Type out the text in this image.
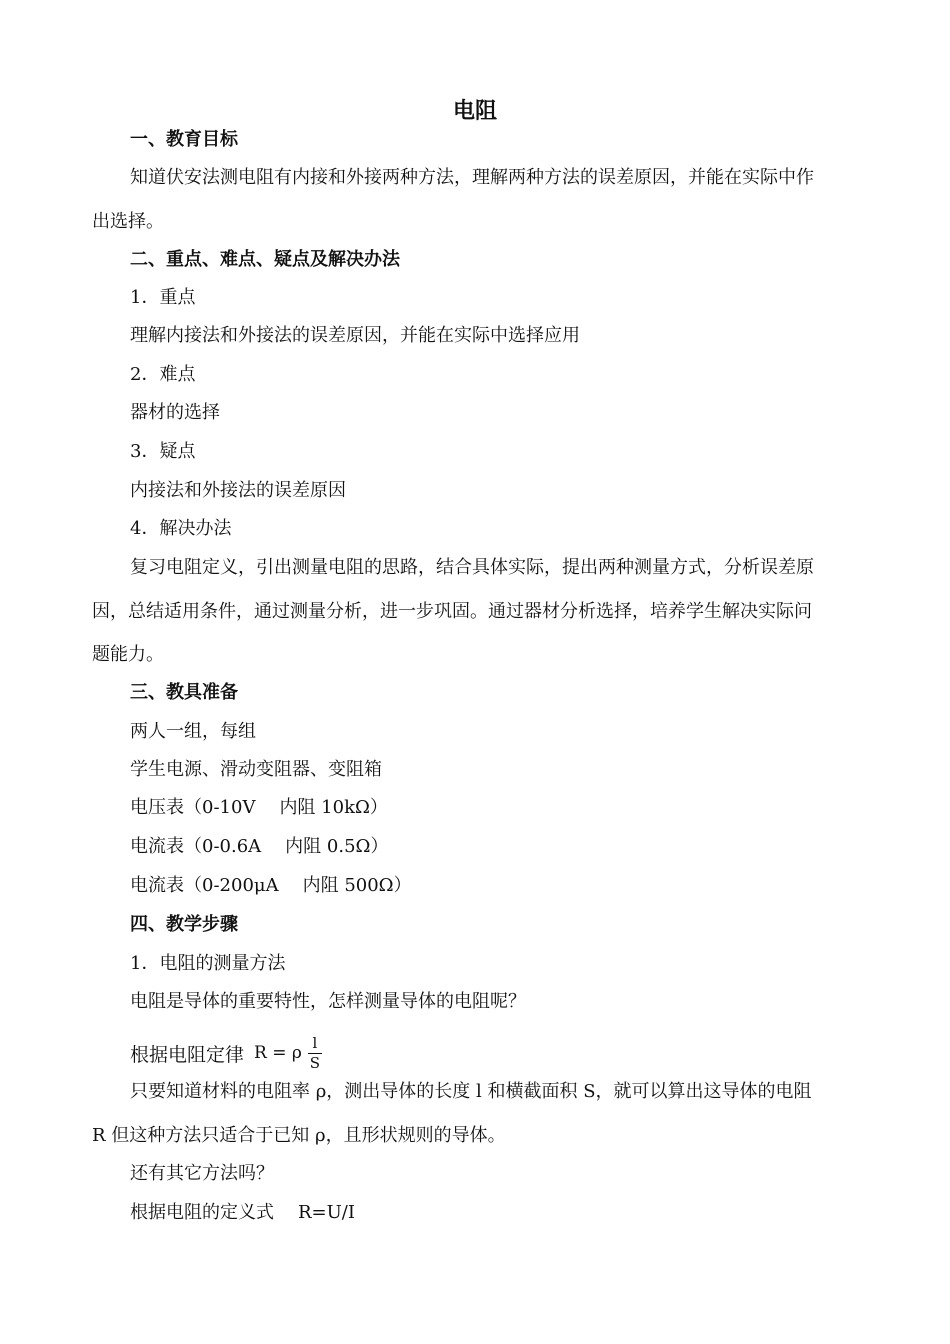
电阻
一、教育目标
知道伏安法测电阻有内接和外接两种方法，理解两种方法的误差原因，并能在实际中作
出选择。
二、重点、难点、疑点及解决办法
1．重点
理解内接法和外接法的误差原因，并能在实际中选择应用
2．难点
器材的选择
3．疑点
内接法和外接法的误差原因
4．解决办法
复习电阻定义，引出测量电阻的思路，结合具体实际，提出两种测量方式，分析误差原
因，总结适用条件，通过测量分析，进一步巩固。通过器材分析选择，培养学生解决实际问
题能力。
三、教具准备
两人一组，每组
学生电源、滑动变阻器、变阻箱
电压表（0-10V 内阻 10kΩ）
电流表（0-0.6A 内阻 0.5Ω）
电流表（0-200μA 内阻 500Ω）
四、教学步骤
1．电阻的测量方法
电阻是导体的重要特性，怎样测量导体的电阻呢？
根据电阻定律 R = ρ $\frac{l}{S}$
只要知道材料的电阻率 ρ，测出导体的长度 l 和横截面积 S，就可以算出这导体的电阻
R 但这种方法只适合于已知 ρ，且形状规则的导体。
还有其它方法吗？
根据电阻的定义式 R=U/I
